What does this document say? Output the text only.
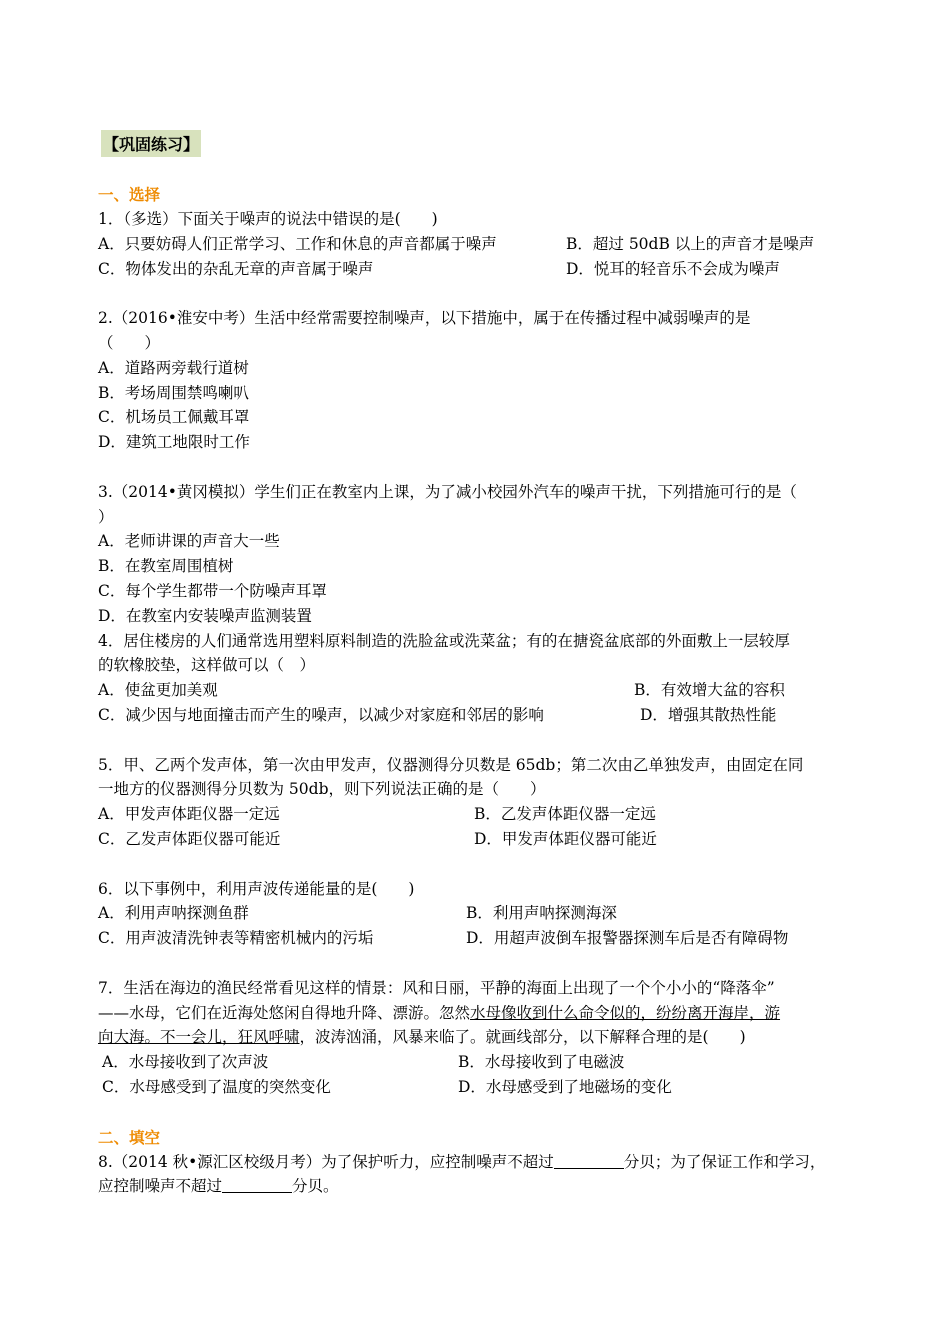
【巩固练习】
一、选择
1．（多选）下面关于噪声的说法中错误的是(　　)
A．只要妨碍人们正常学习、工作和休息的声音都属于噪声	B．超过 50dB 以上的声音才是噪声
C．物体发出的杂乱无章的声音属于噪声	D．悦耳的轻音乐不会成为噪声
2.（2016•淮安中考）生活中经常需要控制噪声，以下措施中，属于在传播过程中减弱噪声的是
（　　）
A．道路两旁载行道树
B．考场周围禁鸣喇叭
C．机场员工佩戴耳罩
D．建筑工地限时工作
3.（2014•黄冈模拟）学生们正在教室内上课，为了减小校园外汽车的噪声干扰，下列措施可行的是（
）
A．老师讲课的声音大一些
B．在教室周围植树
C．每个学生都带一个防噪声耳罩
D．在教室内安装噪声监测装置
4．居住楼房的人们通常选用塑料原料制造的洗脸盆或洗菜盆；有的在搪瓷盆底部的外面敷上一层较厚
的软橡胶垫，这样做可以（　）
A．使盆更加美观	B．有效增大盆的容积
C．减少因与地面撞击而产生的噪声，以减少对家庭和邻居的影响	D．增强其散热性能
5．甲、乙两个发声体，第一次由甲发声，仪器测得分贝数是 65db；第二次由乙单独发声，由固定在同
一地方的仪器测得分贝数为 50db，则下列说法正确的是（　　）
A．甲发声体距仪器一定远	B．乙发声体距仪器一定远
C．乙发声体距仪器可能近	D．甲发声体距仪器可能近
6．以下事例中，利用声波传递能量的是(　　)
A．利用声呐探测鱼群	B．利用声呐探测海深
C．用声波清洗钟表等精密机械内的污垢	D．用超声波倒车报警器探测车后是否有障碍物
7．生活在海边的渔民经常看见这样的情景：风和日丽，平静的海面上出现了一个个小小的“降落伞”
——水母，它们在近海处悠闲自得地升降、漂游。忽然水母像收到什么命令似的，纷纷离开海岸，游
向大海。不一会儿，狂风呼啸，波涛汹涌，风暴来临了。就画线部分，以下解释合理的是(　　)
A．水母接收到了次声波	B．水母接收到了电磁波
C．水母感受到了温度的突然变化	D．水母感受到了地磁场的变化
二、填空
8.（2014 秋•源汇区校级月考）为了保护听力，应控制噪声不超过	分贝；为了保证工作和学习，
应控制噪声不超过	分贝。
